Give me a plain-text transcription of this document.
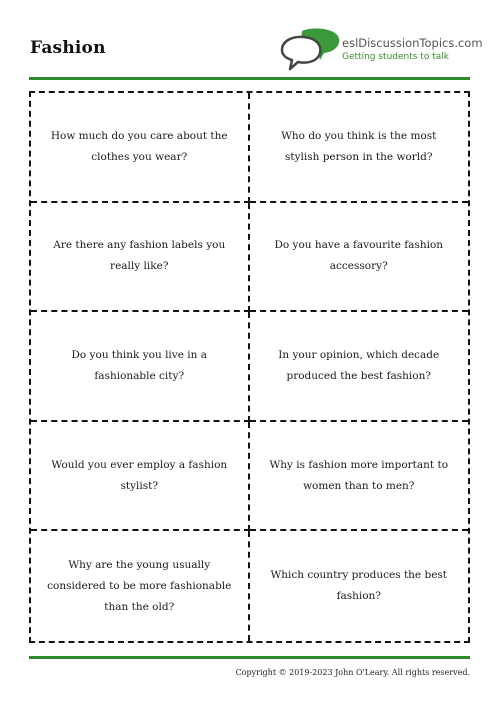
Fashion	eslDiscussionTopics.com
Getting students to talk
How much do you care about the clothes you wear?
Who do you think is the most stylish person in the world?
Are there any fashion labels you really like?
Do you have a favourite fashion accessory?
Do you think you live in a fashionable city?
In your opinion, which decade produced the best fashion?
Would you ever employ a fashion stylist?
Why is fashion more important to women than to men?
Why are the young usually considered to be more fashionable than the old?
Which country produces the best fashion?
Copyright © 2019-2023 John O'Leary. All rights reserved.
